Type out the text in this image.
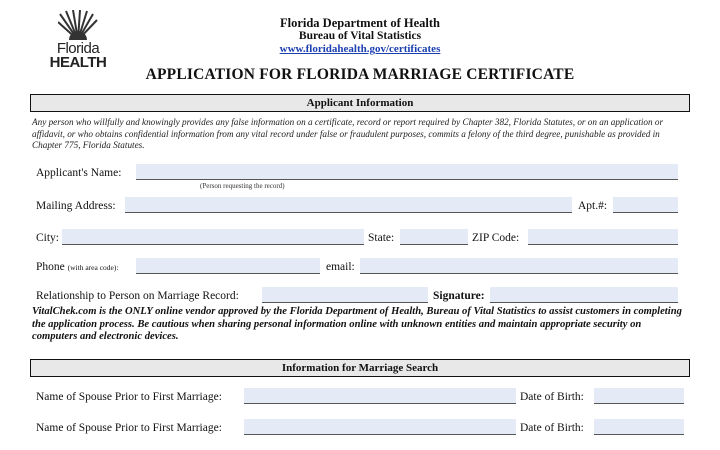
Florida
HEALTH
Florida Department of Health
Bureau of Vital Statistics
www.floridahealth.gov/certificates
APPLICATION FOR FLORIDA MARRIAGE CERTIFICATE
Applicant Information
Any person who willfully and knowingly provides any false information on a certificate, record or report required by Chapter 382, Florida Statutes, or on an application or affidavit, or who obtains confidential information from any vital record under false or fraudulent purposes, commits a felony of the third degree, punishable as provided in Chapter 775, Florida Statutes.
Applicant's Name:
(Person requesting the record)
Mailing Address:	Apt.#:
City:	State:	ZIP Code:
Phone (with area code):	email:
Relationship to Person on Marriage Record:	Signature:
VitalChek.com is the ONLY online vendor approved by the Florida Department of Health, Bureau of Vital Statistics to assist customers in completing the application process. Be cautious when sharing personal information online with unknown entities and maintain appropriate security on computers and electronic devices.
Information for Marriage Search
Name of Spouse Prior to First Marriage:	Date of Birth:
Name of Spouse Prior to First Marriage:	Date of Birth:
